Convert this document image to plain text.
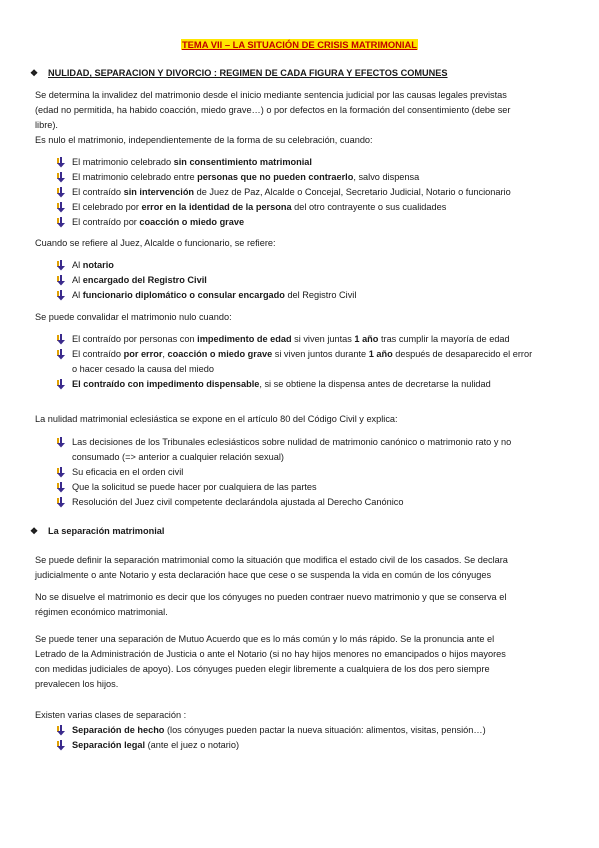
TEMA VII – LA SITUACIÓN DE CRISIS MATRIMONIAL
❖	NULIDAD, SEPARACION Y DIVORCIO : REGIMEN DE CADA FIGURA Y EFECTOS COMUNES
Se determina la invalidez del matrimonio desde el inicio mediante sentencia judicial por las causas legales previstas
(edad no permitida, ha habido coacción, miedo grave…) o por defectos en la formación del consentimiento (debe ser
libre).
Es nulo el matrimonio, independientemente de la forma de su celebración, cuando:
El matrimonio celebrado sin consentimiento matrimonial
El matrimonio celebrado entre personas que no pueden contraerlo, salvo dispensa
El contraído sin intervención de Juez de Paz, Alcalde o Concejal, Secretario Judicial, Notario o funcionario
El celebrado por error en la identidad de la persona del otro contrayente o sus cualidades
El contraído por coacción o miedo grave
Cuando se refiere al Juez, Alcalde o funcionario, se refiere:
Al notario
Al encargado del Registro Civil
Al funcionario diplomático o consular encargado del Registro Civil
Se puede convalidar el matrimonio nulo cuando:
El contraído por personas con impedimento de edad si viven juntas 1 año tras cumplir la mayoría de edad
El contraído por error, coacción o miedo grave si viven juntos durante 1 año después de desaparecido el error
o hacer cesado la causa del miedo
El contraído con impedimento dispensable, si se obtiene la dispensa antes de decretarse la nulidad
La nulidad matrimonial eclesiástica se expone en el artículo 80 del Código Civil y explica:
Las decisiones de los Tribunales eclesiásticos sobre nulidad de matrimonio canónico o matrimonio rato y no
consumado (=> anterior a cualquier relación sexual)
Su eficacia en el orden civil
Que la solicitud se puede hacer por cualquiera de las partes
Resolución del Juez civil competente declarándola ajustada al Derecho Canónico
❖	La separación matrimonial
Se puede definir la separación matrimonial como la situación que modifica el estado civil de los casados. Se declara
judicialmente o ante Notario y esta declaración hace que cese o se suspenda la vida en común de los cónyuges
No se disuelve el matrimonio es decir que los cónyuges no pueden contraer nuevo matrimonio y que se conserva el
régimen económico matrimonial.
Se puede tener una separación de Mutuo Acuerdo que es lo más común y lo más rápido. Se la pronuncia ante el
Letrado de la Administración de Justicia o ante el Notario (si no hay hijos menores no emancipados o hijos mayores
con medidas judiciales de apoyo). Los cónyuges pueden elegir libremente a cualquiera de los dos pero siempre
prevalecen los hijos.
Existen varias clases de separación :
Separación de hecho (los cónyuges pueden pactar la nueva situación: alimentos, visitas, pensión…)
Separación legal (ante el juez o notario)
